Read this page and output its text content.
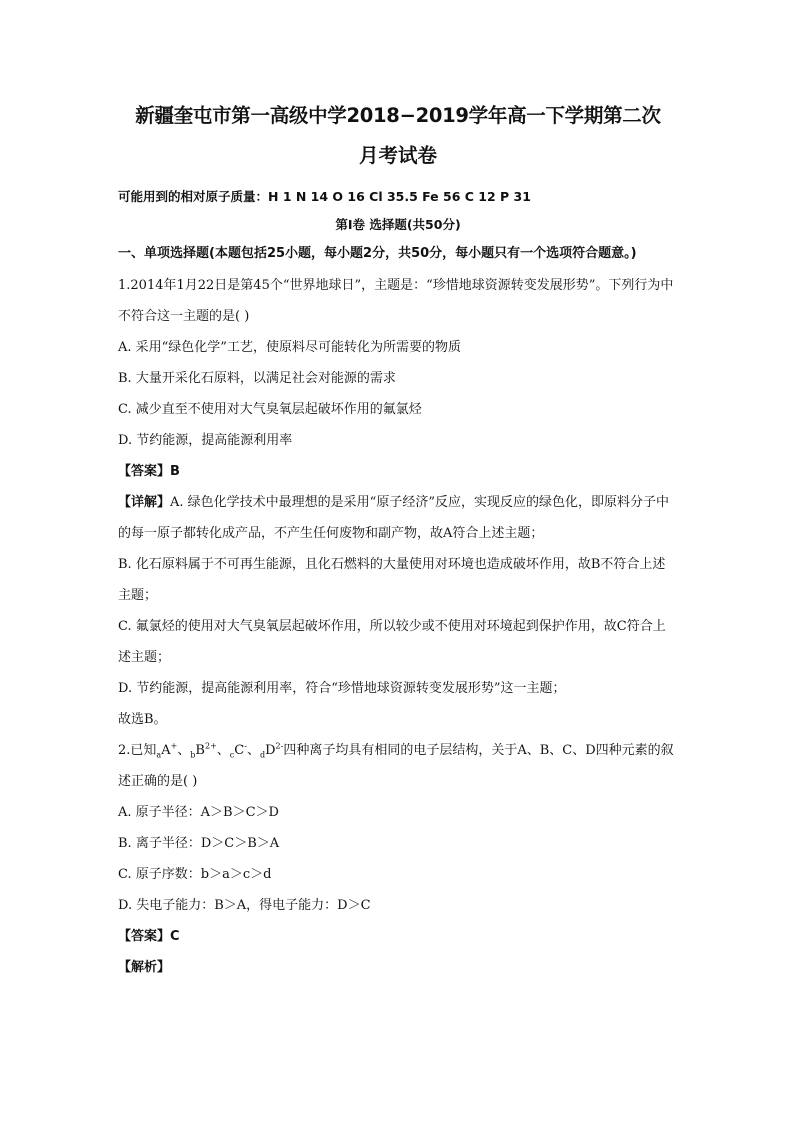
新疆奎屯市第一高级中学2018−2019学年高一下学期第二次
月考试卷
可能用到的相对原子质量：H 1 N 14 O 16 Cl 35.5 Fe 56 C 12 P 31
第Ⅰ卷 选择题(共50分)
一、单项选择题(本题包括25小题，每小题2分，共50分，每小题只有一个选项符合题意。)
1.2014年1月22日是第45个“世界地球日”，主题是：“珍惜地球资源转变发展形势”。下列行为中不符合这一主题的是( )
A. 采用“绿色化学”工艺，使原料尽可能转化为所需要的物质
B. 大量开采化石原料，以满足社会对能源的需求
C. 减少直至不使用对大气臭氧层起破坏作用的氟氯烃
D. 节约能源，提高能源利用率
【答案】B
【详解】A. 绿色化学技术中最理想的是采用“原子经济”反应，实现反应的绿色化，即原料分子中的每一原子都转化成产品，不产生任何废物和副产物，故A符合上述主题；
B. 化石原料属于不可再生能源，且化石燃料的大量使用对环境也造成破坏作用，故B不符合上述主题；
C. 氟氯烃的使用对大气臭氧层起破坏作用，所以较少或不使用对环境起到保护作用，故C符合上述主题；
D. 节约能源，提高能源利用率，符合“珍惜地球资源转变发展形势”这一主题；
故选B。
2.已知$_a$A+、$_bB^{2+}$、$_c$C-、$_dD^{2-}$四种离子均具有相同的电子层结构，关于A、B、C、D四种元素的叙述正确的是( )
A. 原子半径：A＞B＞C＞D
B. 离子半径：D＞C＞B＞A
C. 原子序数：b＞a＞c＞d
D. 失电子能力：B＞A，得电子能力：D＞C
【答案】C
【解析】
